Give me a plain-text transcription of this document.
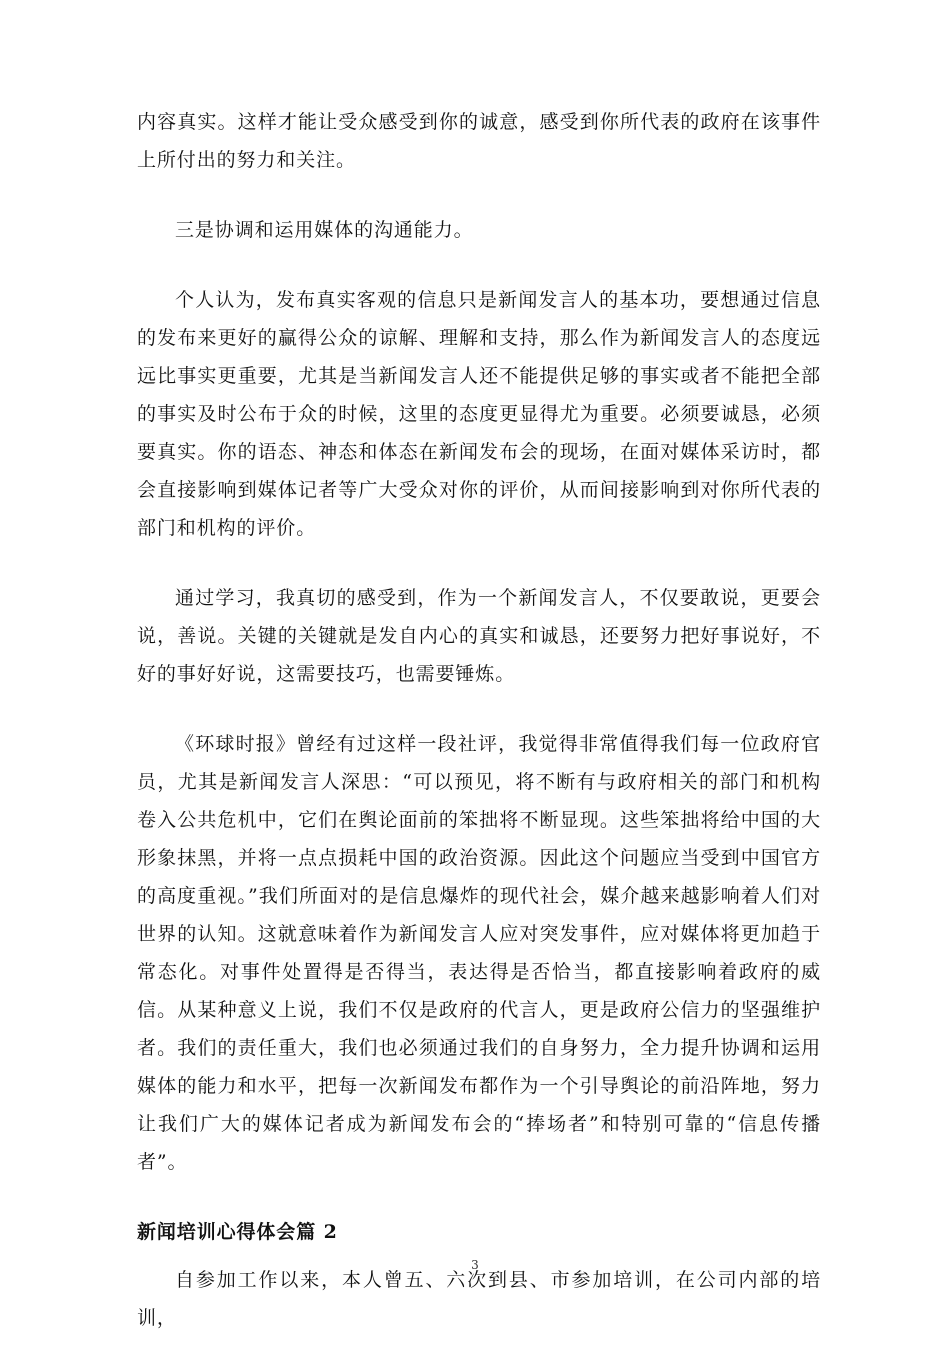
内容真实。这样才能让受众感受到你的诚意，感受到你所代表的政府在该事件上所付出的努力和关注。

三是协调和运用媒体的沟通能力。

个人认为，发布真实客观的信息只是新闻发言人的基本功，要想通过信息的发布来更好的赢得公众的谅解、理解和支持，那么作为新闻发言人的态度远远比事实更重要，尤其是当新闻发言人还不能提供足够的事实或者不能把全部的事实及时公布于众的时候，这里的态度更显得尤为重要。必须要诚恳，必须要真实。你的语态、神态和体态在新闻发布会的现场，在面对媒体采访时，都会直接影响到媒体记者等广大受众对你的评价，从而间接影响到对你所代表的部门和机构的评价。

通过学习，我真切的感受到，作为一个新闻发言人，不仅要敢说，更要会说，善说。关键的关键就是发自内心的真实和诚恳，还要努力把好事说好，不好的事好好说，这需要技巧，也需要锤炼。

《环球时报》曾经有过这样一段社评，我觉得非常值得我们每一位政府官员，尤其是新闻发言人深思：“可以预见，将不断有与政府相关的部门和机构卷入公共危机中，它们在舆论面前的笨拙将不断显现。这些笨拙将给中国的大形象抹黑，并将一点点损耗中国的政治资源。因此这个问题应当受到中国官方的高度重视。”我们所面对的是信息爆炸的现代社会，媒介越来越影响着人们对世界的认知。这就意味着作为新闻发言人应对突发事件，应对媒体将更加趋于常态化。对事件处置得是否得当，表达得是否恰当，都直接影响着政府的威信。从某种意义上说，我们不仅是政府的代言人，更是政府公信力的坚强维护者。我们的责任重大，我们也必须通过我们的自身努力，全力提升协调和运用媒体的能力和水平，把每一次新闻发布都作为一个引导舆论的前沿阵地，努力让我们广大的媒体记者成为新闻发布会的“捧场者”和特别可靠的“信息传播者”。

新闻培训心得体会篇 2

自参加工作以来，本人曾五、六次到县、市参加培训，在公司内部的培训，

3
